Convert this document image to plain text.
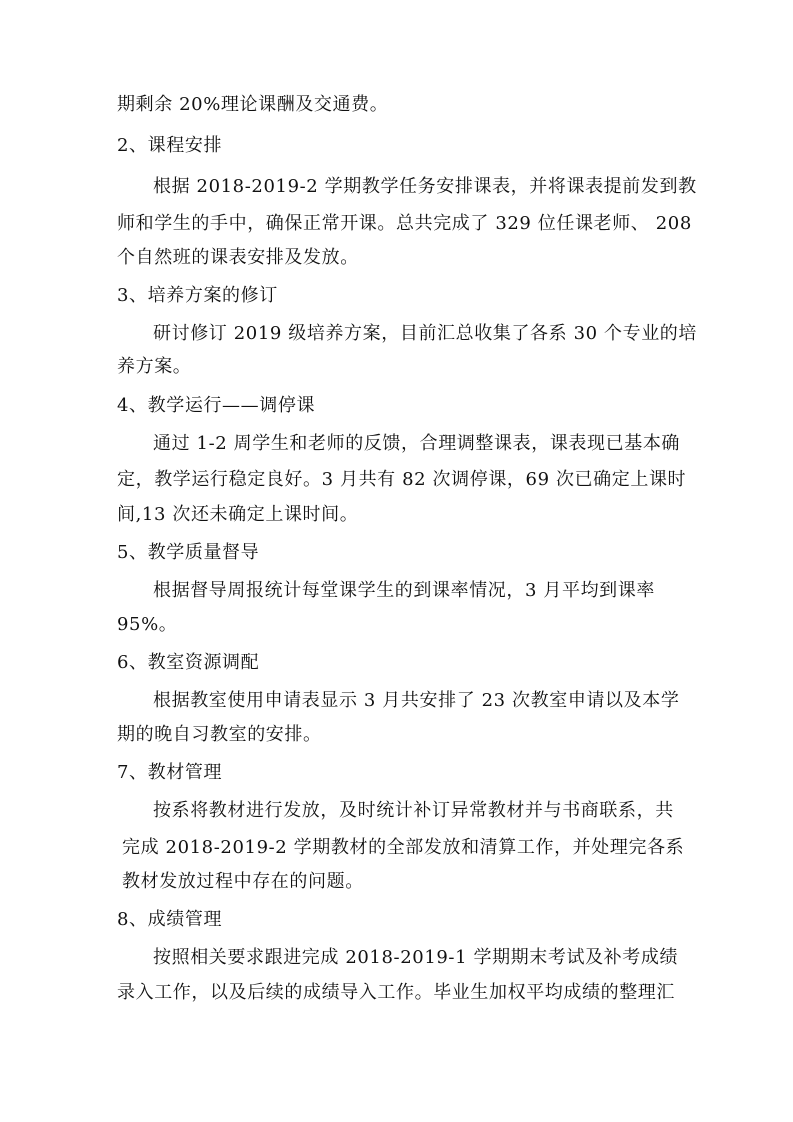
期剩余 20%理论课酬及交通费。
2、课程安排
根据 2018-2019-2 学期教学任务安排课表，并将课表提前发到教
师和学生的手中，确保正常开课。总共完成了 329 位任课老师、 208
个自然班的课表安排及发放。
3、培养方案的修订
研讨修订 2019 级培养方案，目前汇总收集了各系 30 个专业的培
养方案。
4、教学运行——调停课
通过 1-2 周学生和老师的反馈，合理调整课表，课表现已基本确
定，教学运行稳定良好。3 月共有 82 次调停课，69 次已确定上课时
间,13 次还未确定上课时间。
5、教学质量督导
根据督导周报统计每堂课学生的到课率情况，3 月平均到课率
95%。
6、教室资源调配
根据教室使用申请表显示 3 月共安排了 23 次教室申请以及本学
期的晚自习教室的安排。
7、教材管理
按系将教材进行发放，及时统计补订异常教材并与书商联系，共
完成 2018-2019-2 学期教材的全部发放和清算工作，并处理完各系
教材发放过程中存在的问题。
8、成绩管理
按照相关要求跟进完成 2018-2019-1 学期期末考试及补考成绩
录入工作，以及后续的成绩导入工作。毕业生加权平均成绩的整理汇
